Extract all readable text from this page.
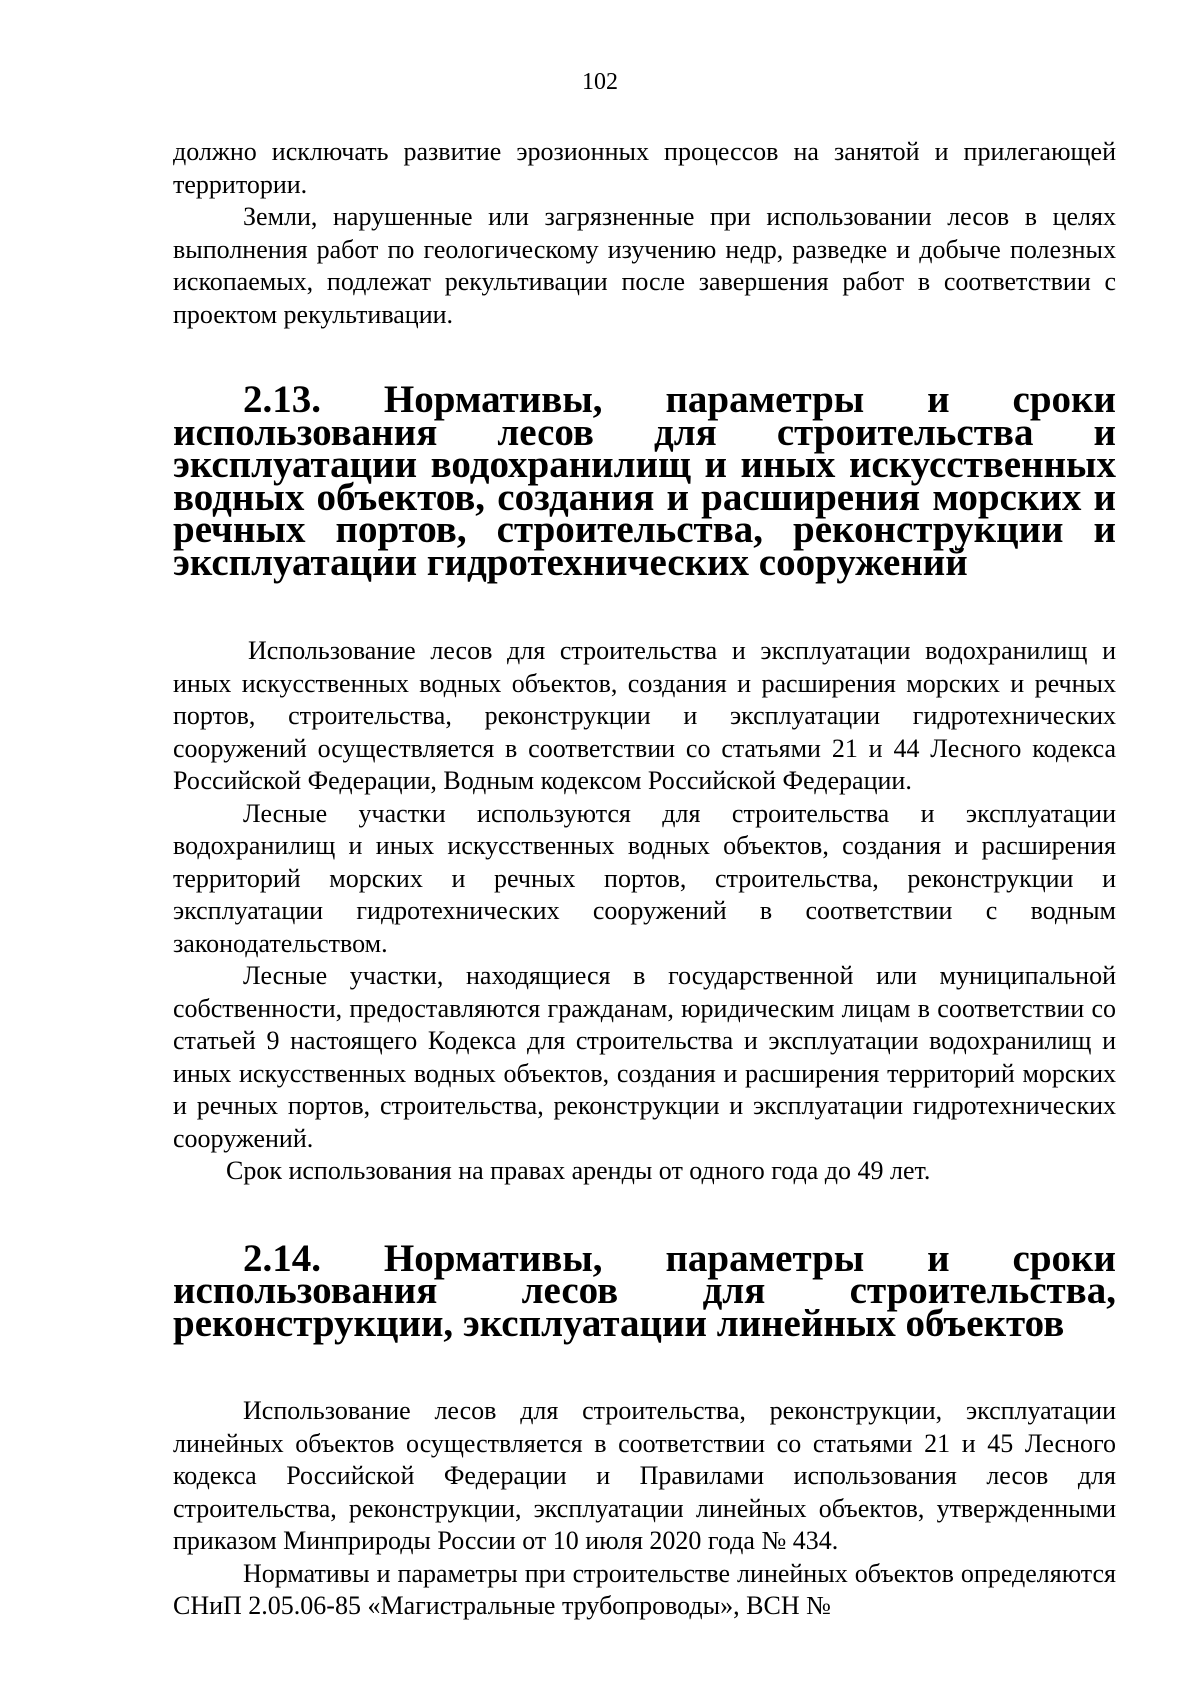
102

должно исключать развитие эрозионных процессов на занятой и прилегающей территории.

Земли, нарушенные или загрязненные при использовании лесов в целях выполнения работ по геологическому изучению недр, разведке и добыче полезных ископаемых, подлежат рекультивации после завершения работ в соответствии с проектом рекультивации.

2.13. Нормативы, параметры и сроки использования лесов для строительства и эксплуатации водохранилищ и иных искусственных водных объектов, создания и расширения морских и речных портов, строительства, реконструкции и эксплуатации гидротехнических сооружений

Использование лесов для строительства и эксплуатации водохранилищ и иных искусственных водных объектов, создания и расширения морских и речных портов, строительства, реконструкции и эксплуатации гидротехнических сооружений осуществляется в соответствии со статьями 21 и 44 Лесного кодекса Российской Федерации, Водным кодексом Российской Федерации.

Лесные участки используются для строительства и эксплуатации водохранилищ и иных искусственных водных объектов, создания и расширения территорий морских и речных портов, строительства, реконструкции и эксплуатации гидротехнических сооружений в соответствии с водным законодательством.

Лесные участки, находящиеся в государственной или муниципальной собственности, предоставляются гражданам, юридическим лицам в соответствии со статьей 9 настоящего Кодекса для строительства и эксплуатации водохранилищ и иных искусственных водных объектов, создания и расширения территорий морских и речных портов, строительства, реконструкции и эксплуатации гидротехнических сооружений.

Срок использования на правах аренды от одного года до 49 лет.

2.14. Нормативы, параметры и сроки использования лесов для строительства, реконструкции, эксплуатации линейных объектов

Использование лесов для строительства, реконструкции, эксплуатации линейных объектов осуществляется в соответствии со статьями 21 и 45 Лесного кодекса Российской Федерации и Правилами использования лесов для строительства, реконструкции, эксплуатации линейных объектов, утвержденными приказом Минприроды России от 10 июля 2020 года № 434.

Нормативы и параметры при строительстве линейных объектов определяются СНиП 2.05.06-85 «Магистральные трубопроводы», ВСН №
